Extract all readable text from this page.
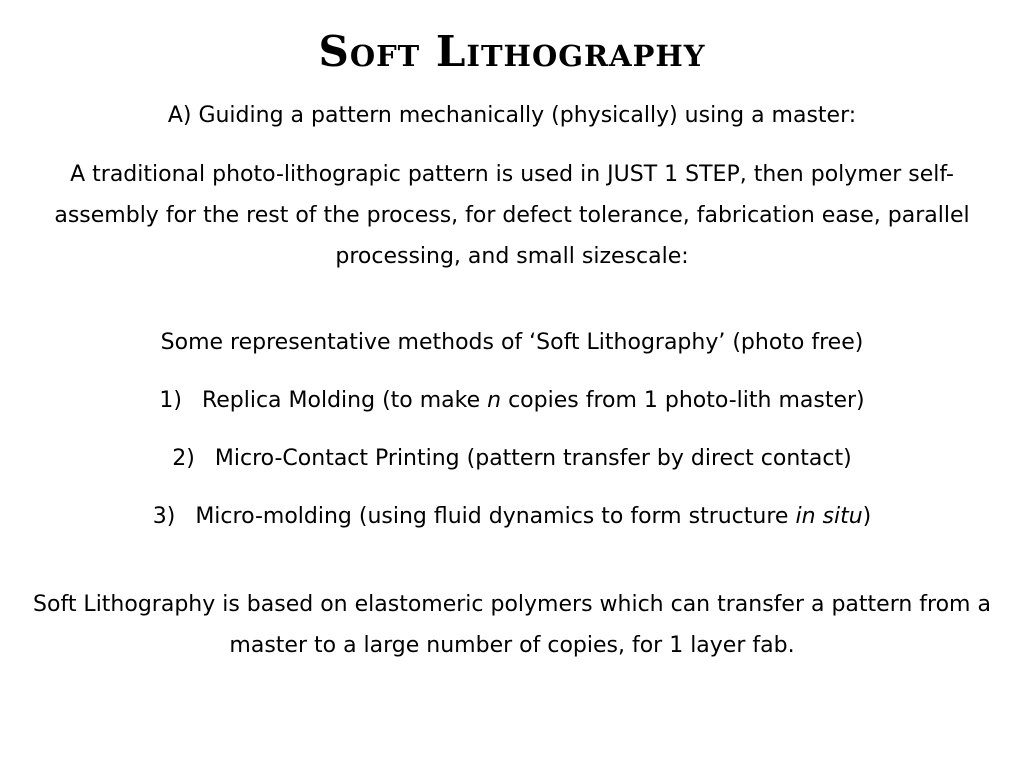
Soft Lithography
A) Guiding a pattern mechanically (physically) using a master:
A traditional photo-lithograpic pattern is used in JUST 1 STEP, then polymer self-assembly for the rest of the process, for defect tolerance, fabrication ease, parallel processing, and small sizescale:
Some representative methods of ‘Soft Lithography’ (photo free)
1) Replica Molding (to make n copies from 1 photo-lith master)
2) Micro-Contact Printing (pattern transfer by direct contact)
3) Micro-molding (using fluid dynamics to form structure in situ)
Soft Lithography is based on elastomeric polymers which can transfer a pattern from a master to a large number of copies, for 1 layer fab.
